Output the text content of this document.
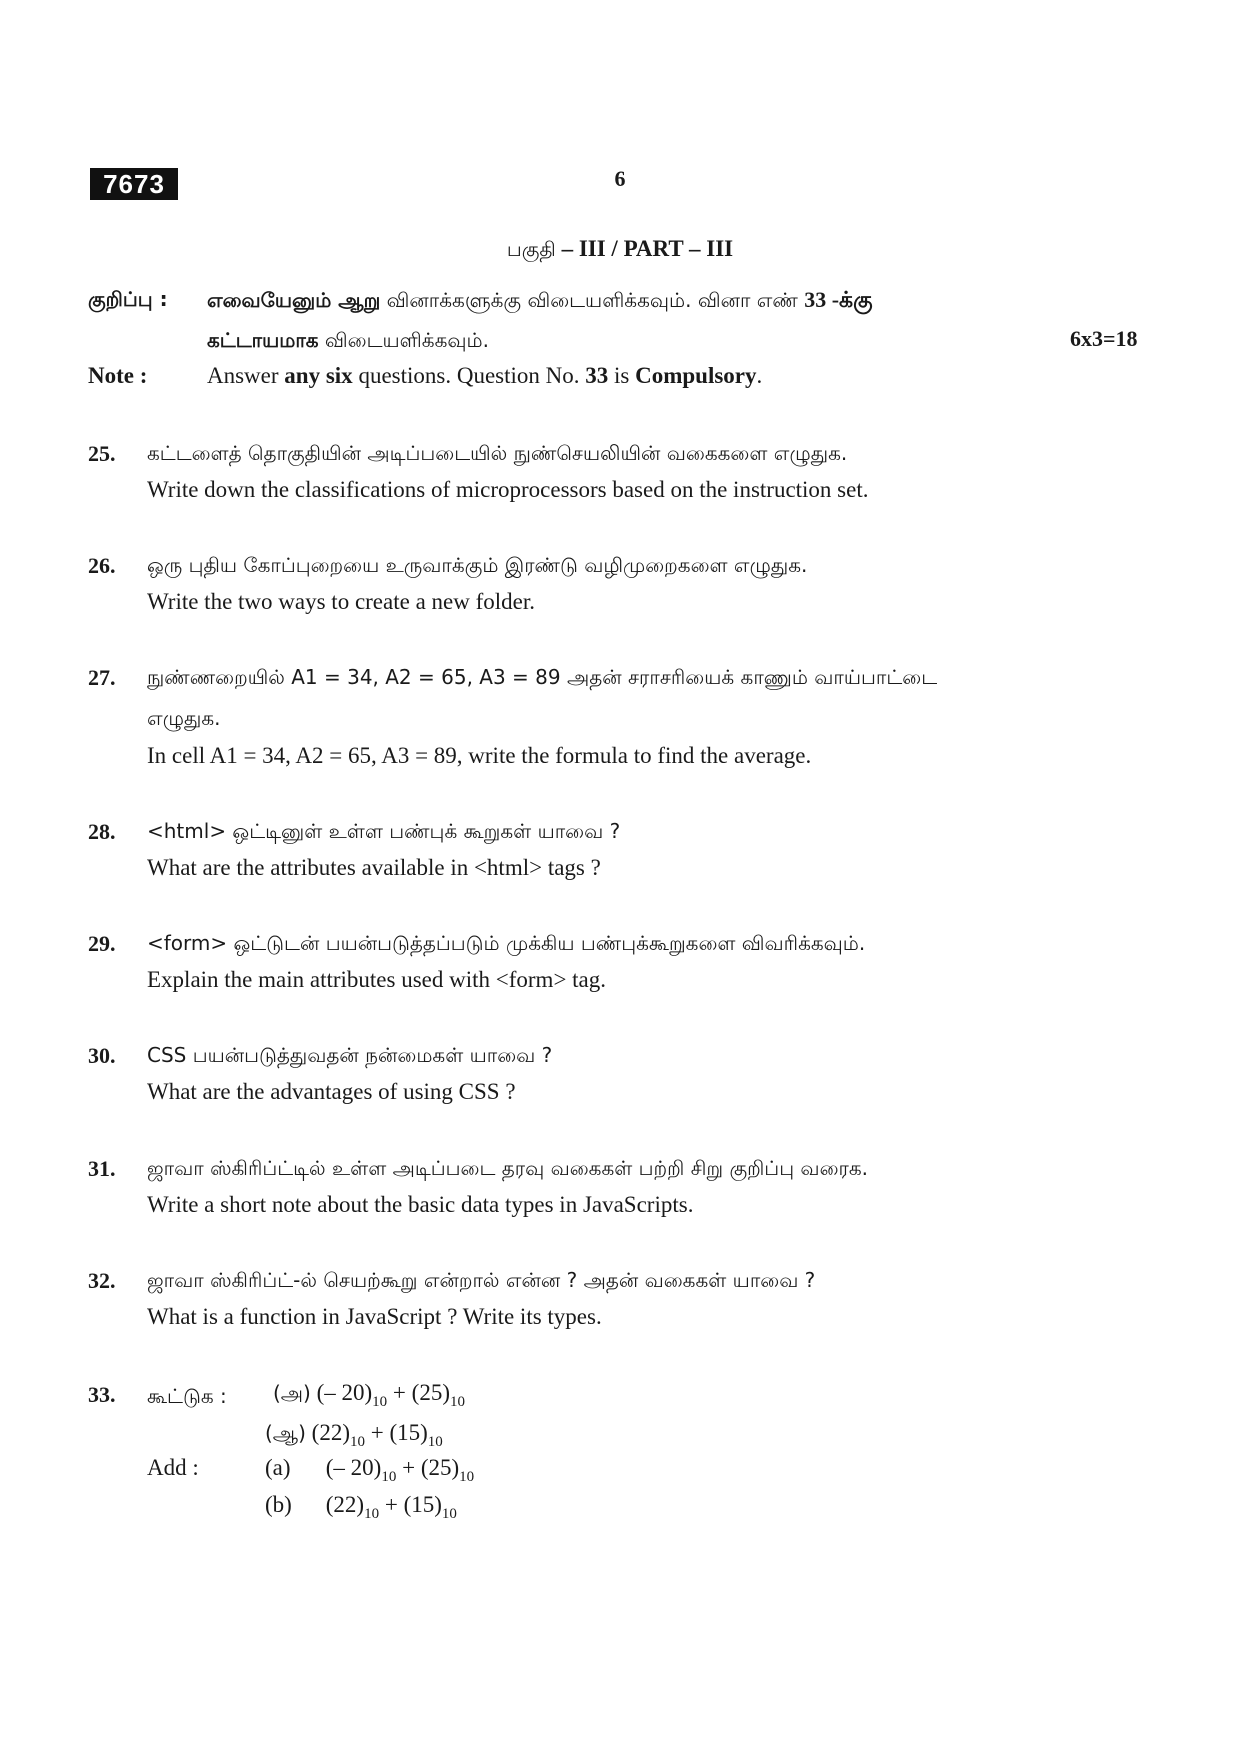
7673	6
பகுதி – III / PART – III
குறிப்பு : எவையேனும் ஆறு வினாக்களுக்கு விடையளிக்கவும். வினா எண் 33 -க்கு
கட்டாயமாக விடையளிக்கவும்.	6x3=18
Note :	Answer any six questions. Question No. 33 is Compulsory.
25. கட்டளைத் தொகுதியின் அடிப்படையில் நுண்செயலியின் வகைகளை எழுதுக.
Write down the classifications of microprocessors based on the instruction set.
26. ஒரு புதிய கோப்புறையை உருவாக்கும் இரண்டு வழிமுறைகளை எழுதுக.
Write the two ways to create a new folder.
27. நுண்ணறையில் A1 = 34, A2 = 65, A3 = 89 அதன் சராசரியைக் காணும் வாய்பாட்டை
எழுதுக.
In cell A1 = 34, A2 = 65, A3 = 89, write the formula to find the average.
28. <html> ஒட்டினுள் உள்ள பண்புக் கூறுகள் யாவை ?
What are the attributes available in <html> tags ?
29. <form> ஒட்டுடன் பயன்படுத்தப்படும் முக்கிய பண்புக்கூறுகளை விவரிக்கவும்.
Explain the main attributes used with <form> tag.
30. CSS பயன்படுத்துவதன் நன்மைகள் யாவை ?
What are the advantages of using CSS ?
31. ஜாவா ஸ்கிரிப்ட்டில் உள்ள அடிப்படை தரவு வகைகள் பற்றி சிறு குறிப்பு வரைக.
Write a short note about the basic data types in JavaScripts.
32. ஜாவா ஸ்கிரிப்ட்-ல் செயற்கூறு என்றால் என்ன ? அதன் வகைகள் யாவை ?
What is a function in JavaScript ? Write its types.
33. கூட்டுக : (அ) (– $20)_{10} + (25)_{10}$
(ஆ) $(22)_{10} + (15)_{10}$
Add :	(a) (– $20)_{10} + (25)_{10}$
(b) $(22)_{10} + (15)_{10}$
